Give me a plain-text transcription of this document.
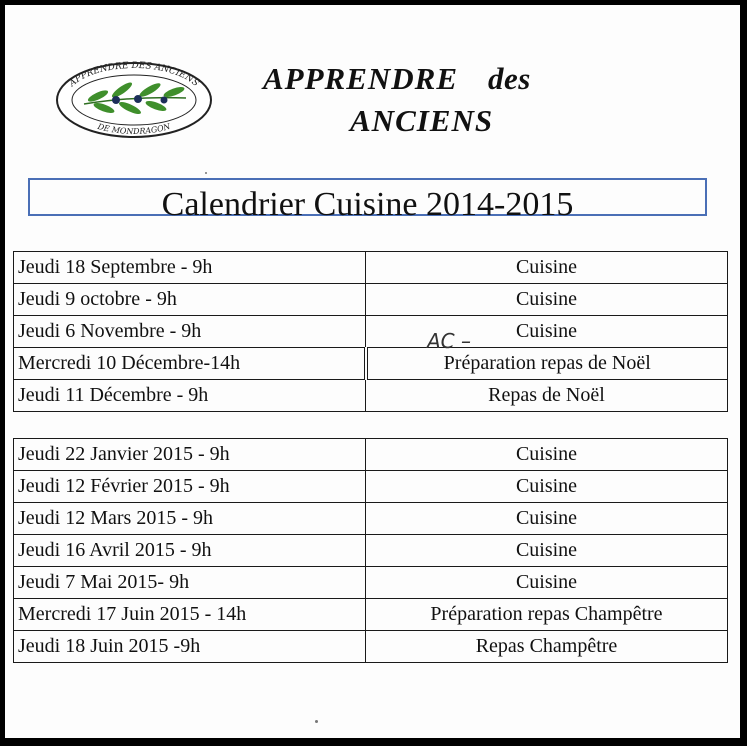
APPRENDRE DES ANCIENS
DE MONDRAGON
APPRENDRE des
ANCIENS
Calendrier Cuisine 2014-2015
Jeudi 18 Septembre - 9h	Cuisine
Jeudi 9 octobre - 9h	Cuisine
Jeudi 6 Novembre - 9h	Cuisine
Mercredi 10 Décembre-14h	Préparation repas de Noël
Jeudi 11 Décembre - 9h	Repas de Noël
Jeudi 22 Janvier 2015 - 9h	Cuisine
Jeudi 12 Février 2015 - 9h	Cuisine
Jeudi 12 Mars 2015 - 9h	Cuisine
Jeudi 16 Avril 2015 - 9h	Cuisine
Jeudi 7 Mai 2015- 9h	Cuisine
Mercredi 17 Juin 2015 - 14h	Préparation repas Champêtre
Jeudi 18 Juin 2015 -9h	Repas Champêtre
AC –
